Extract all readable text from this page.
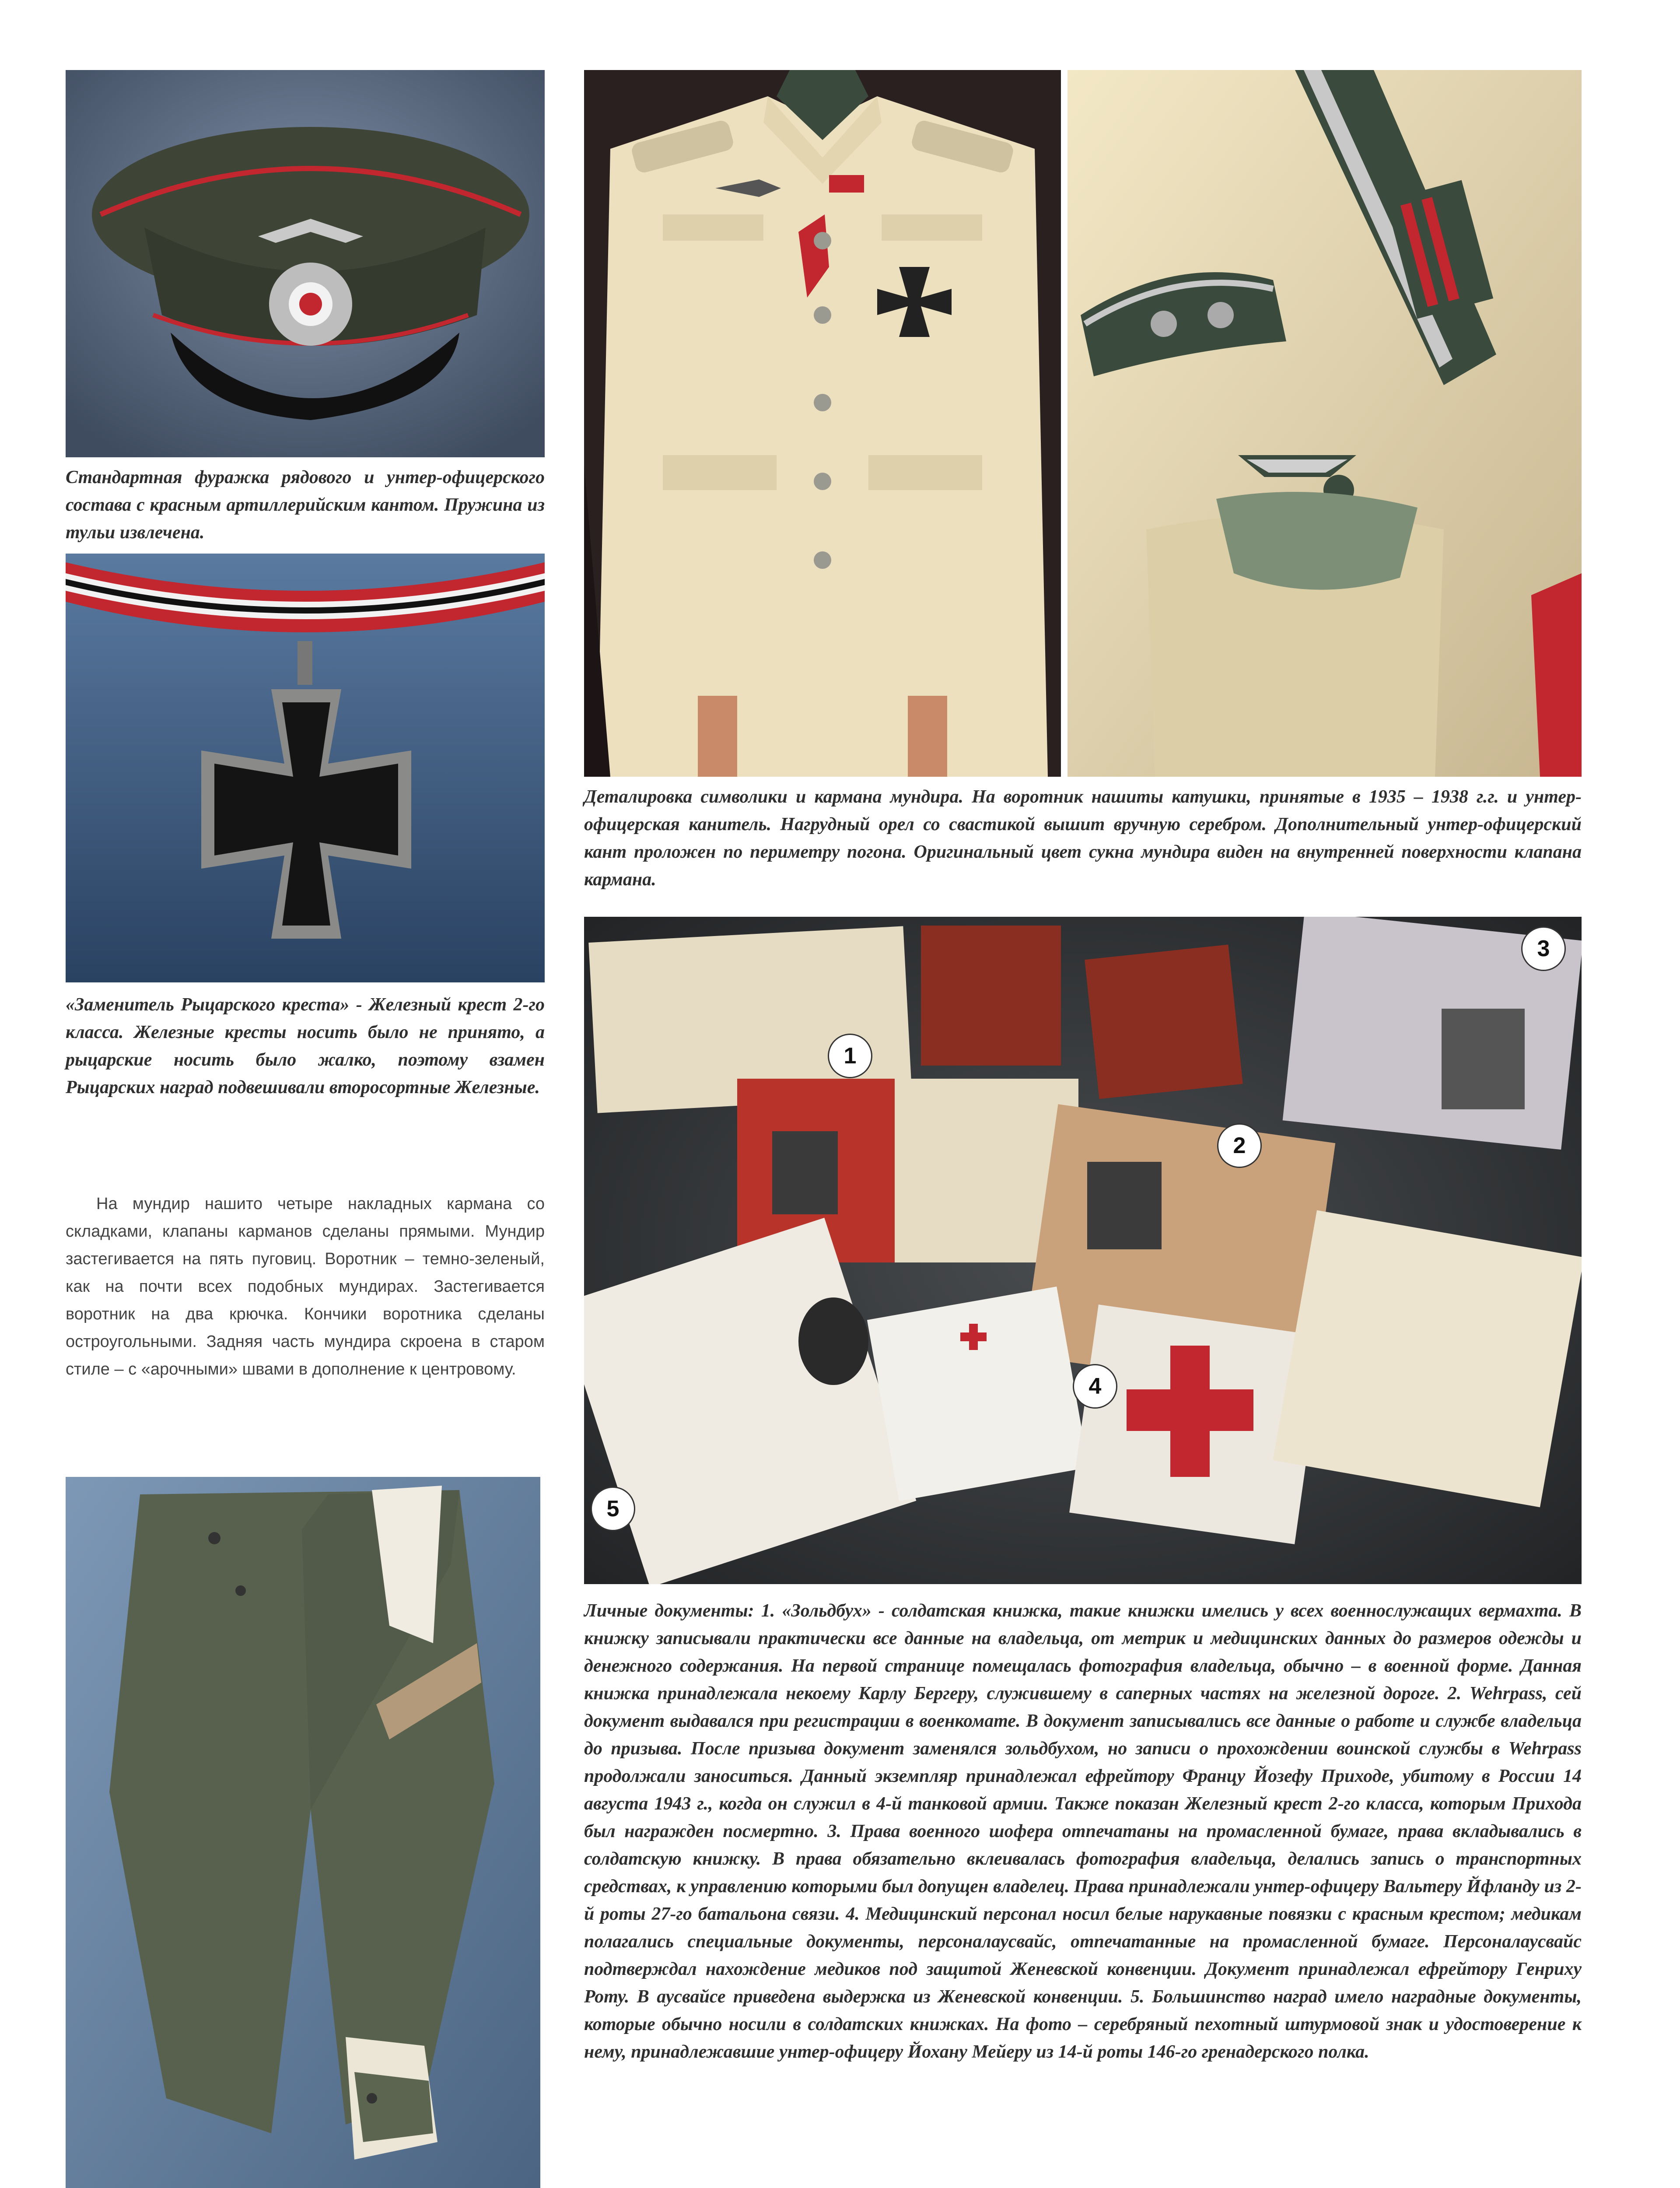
Стандартная фуражка рядового и унтер-офицерского состава с красным артиллерийским кантом. Пружина из тульи извлечена.
«Заменитель Рыцарского креста» - Железный крест 2-го класса. Железные кресты носить было не принято, а рыцарские носить было жалко, поэтому взамен Рыцарских наград подвешивали второсортные Железные.

На мундир нашито четыре накладных кармана со складками, клапаны карманов сделаны прямыми. Мундир застегивается на пять пуговиц. Воротник – темно-зеленый, как на почти всех подобных мундирах. Застегивается воротник на два крючка. Кончики воротника сделаны остроугольными. Задняя часть мундира скроена в старом стиле – с «арочными» швами в дополнение к центровому.

Деталировка символики и кармана мундира. На воротник нашиты катушки, принятые в 1935 – 1938 г.г. и унтер-офицерская канитель. Нагрудный орел со свастикой вышит вручную серебром. Дополнительный унтер-офицерский кант проложен по периметру погона. Оригинальный цвет сукна мундира виден на внутренней поверхности клапана кармана.
1
2
3
4
5
Личные документы: 1. «Зольдбух» - солдатская книжка, такие книжки имелись у всех военнослужащих вермахта. В книжку записывали практически все данные на владельца, от метрик и медицинских данных до размеров одежды и денежного содержания. На первой странице помещалась фотография владельца, обычно – в военной форме. Данная книжка принадлежала некоему Карлу Бергеру, служившему в саперных частях на железной дороге. 2. Wehrpass, сей документ выдавался при регистрации в военкомате. В документ записывались все данные о работе и службе владельца до призыва. После призыва документ заменялся зольдбухом, но записи о прохождении воинской службы в Wehrpass продолжали заноситься. Данный экземпляр принадлежал ефрейтору Францу Йозефу Приходе, убитому в России 14 августа 1943 г., когда он служил в 4-й танковой армии. Также показан Железный крест 2-го класса, которым Прихода был награжден посмертно. 3. Права военного шофера отпечатаны на промасленной бумаге, права вкладывались в солдатскую книжку. В права обязательно вклеивалась фотография владельца, делались запись о транспортных средствах, к управлению которыми был допущен владелец. Права принадлежали унтер-офицеру Вальтеру Йфланду из 2-й роты 27-го батальона связи. 4. Медицинский персонал носил белые нарукавные повязки с красным крестом; медикам полагались специальные документы, персоналаусвайс, отпечатанные на промасленной бумаге. Персоналаусвайс подтверждал нахождение медиков под защитой Женевской конвенции. Документ принадлежал ефрейтору Генриху Роту. В аусвайсе приведена выдержка из Женевской конвенции. 5. Большинство наград имело наградные документы, которые обычно носили в солдатских книжках. На фото – серебряный пехотный штурмовой знак и удостоверение к нему, принадлежавшие унтер-офицеру Йохану Мейеру из 14-й роты 146-го гренадерского полка.
